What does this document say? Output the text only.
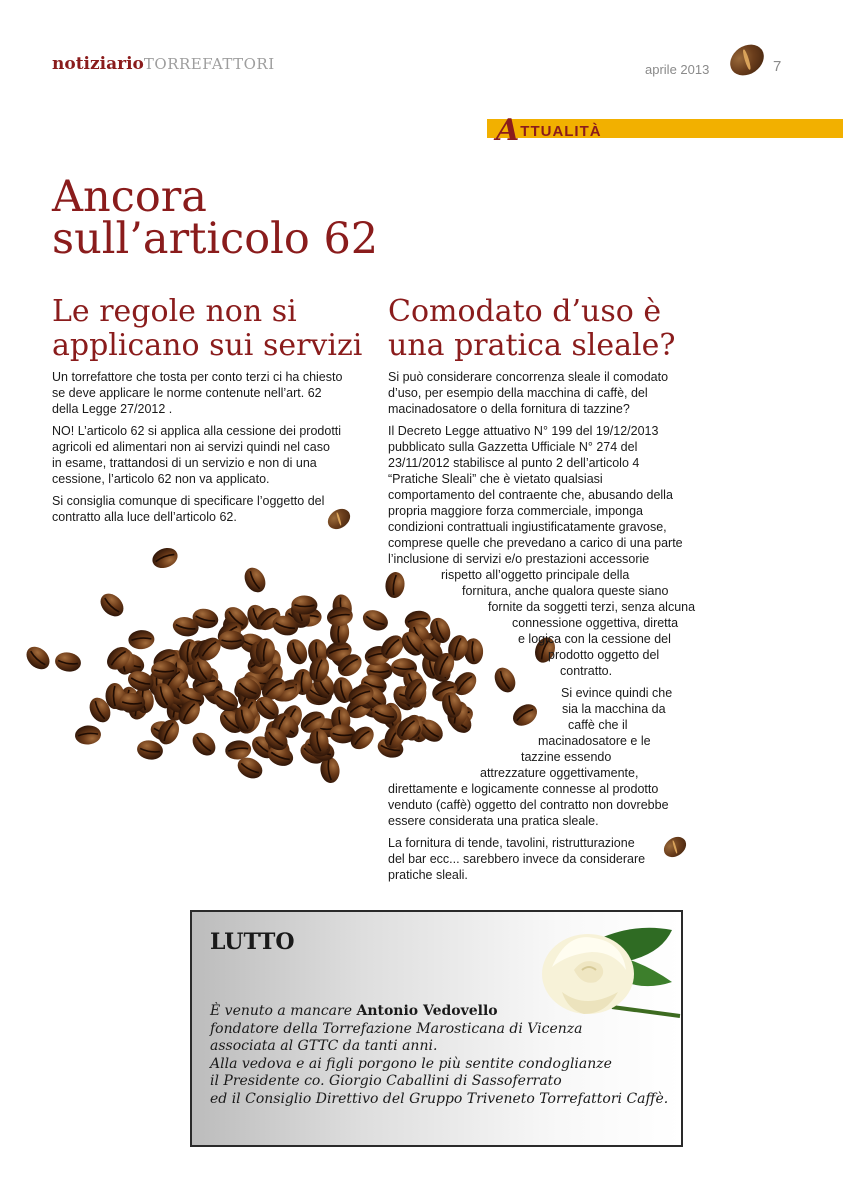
notiziarioTORREFATTORI	aprile 2013	7
ATTUALITÀ
Ancora
sull’articolo 62
Le regole non si
applicano sui servizi
Comodato d’uso è
una pratica sleale?

Un torrefattore che tosta per conto terzi ci ha chiesto
se deve applicare le norme contenute nell’art. 62
della Legge 27/2012 .

NO! L’articolo 62 si applica alla cessione dei prodotti
agricoli ed alimentari non ai servizi quindi nel caso
in esame, trattandosi di un servizio e non di una
cessione, l’articolo 62 non va applicato.

Si consiglia comunque di specificare l’oggetto del
contratto alla luce dell’articolo 62.

Si può considerare concorrenza sleale il comodato
d’uso, per esempio della macchina di caffè, del
macinadosatore o della fornitura di tazzine?

Il Decreto Legge attuativo N° 199 del 19/12/2013
pubblicato sulla Gazzetta Ufficiale N° 274 del
23/11/2012 stabilisce al punto 2 dell’articolo 4
“Pratiche Sleali” che è vietato qualsiasi
comportamento del contraente che, abusando della
propria maggiore forza commerciale, imponga
condizioni contrattuali ingiustificatamente gravose,
comprese quelle che prevedano a carico di una parte
l’inclusione di servizi e/o prestazioni accessorie
rispetto all’oggetto principale della
fornitura, anche qualora queste siano
fornite da soggetti terzi, senza alcuna
connessione oggettiva, diretta
e logica con la cessione del
prodotto oggetto del
contratto.

Si evince quindi che
sia la macchina da
caffè che il
macinadosatore e le
tazzine essendo
attrezzature oggettivamente,
direttamente e logicamente connesse al prodotto
venduto (caffè) oggetto del contratto non dovrebbe
essere considerata una pratica sleale.

La fornitura di tende, tavolini, ristrutturazione
del bar ecc... sarebbero invece da considerare
pratiche sleali.

LUTTO
È venuto a mancare Antonio Vedovello
fondatore della Torrefazione Marosticana di Vicenza
associata al GTTC da tanti anni.
Alla vedova e ai figli porgono le più sentite condoglianze
il Presidente co. Giorgio Caballini di Sassoferrato
ed il Consiglio Direttivo del Gruppo Triveneto Torrefattori Caffè.
